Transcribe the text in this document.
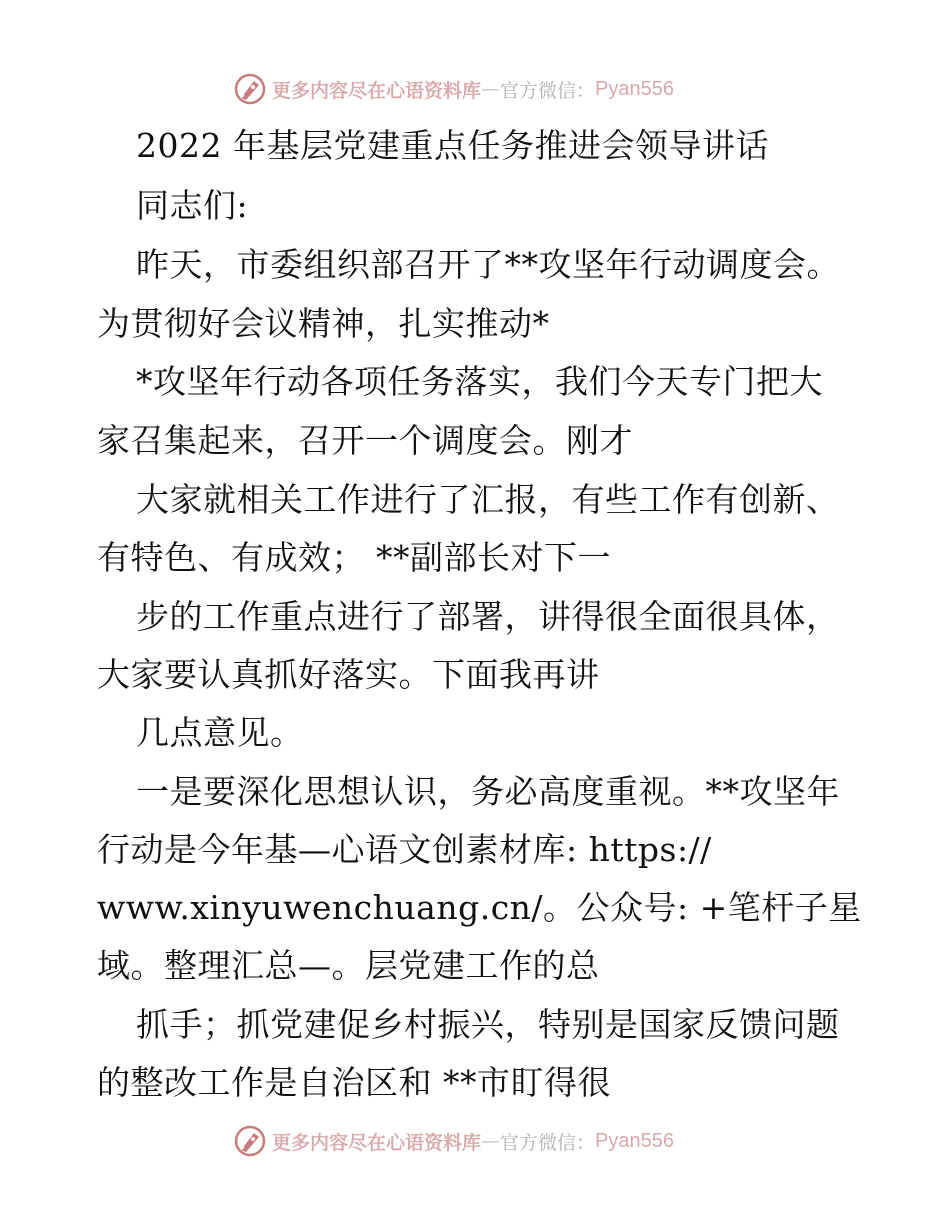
更多内容尽在心语资料库 — 官方微信： Pyan556
2022 年基层党建重点任务推进会领导讲话
同志们:
昨天，市委组织部召开了**攻坚年行动调度会。
为贯彻好会议精神，扎实推动*
*攻坚年行动各项任务落实，我们今天专门把大
家召集起来，召开一个调度会。刚才
大家就相关工作进行了汇报，有些工作有创新、
有特色、有成效； **副部长对下一
步的工作重点进行了部署，讲得很全面很具体，
大家要认真抓好落实。下面我再讲
几点意见。
一是要深化思想认识，务必高度重视。**攻坚年
行动是今年基—心语文创素材库: https://
www.xinyuwenchuang.cn/。公众号: +笔杆子星
域。整理汇总—。层党建工作的总
抓手；抓党建促乡村振兴，特别是国家反馈问题
的整改工作是自治区和 **市盯得很
更多内容尽在心语资料库 — 官方微信： Pyan556
